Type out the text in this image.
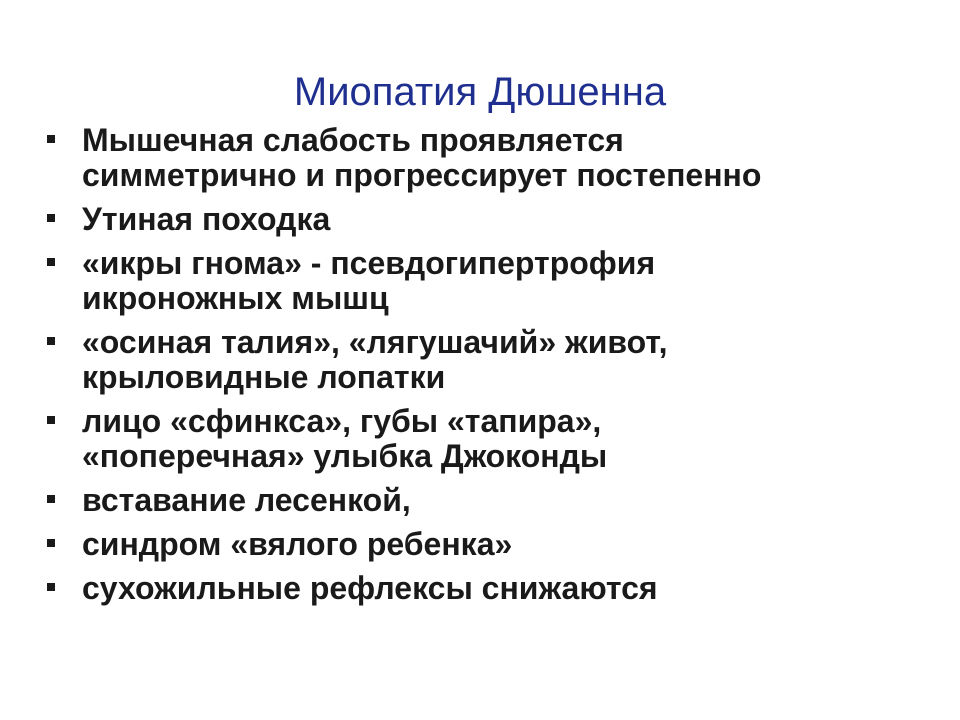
Миопатия Дюшенна
Мышечная слабость проявляется
симметрично и прогрессирует постепенно
Утиная походка
«икры гнома» - псевдогипертрофия
икроножных мышц
«осиная талия», «лягушачий» живот,
крыловидные лопатки
лицо «сфинкса», губы «тапира»,
«поперечная» улыбка Джоконды
вставание лесенкой,
синдром «вялого ребенка»
сухожильные рефлексы снижаются
